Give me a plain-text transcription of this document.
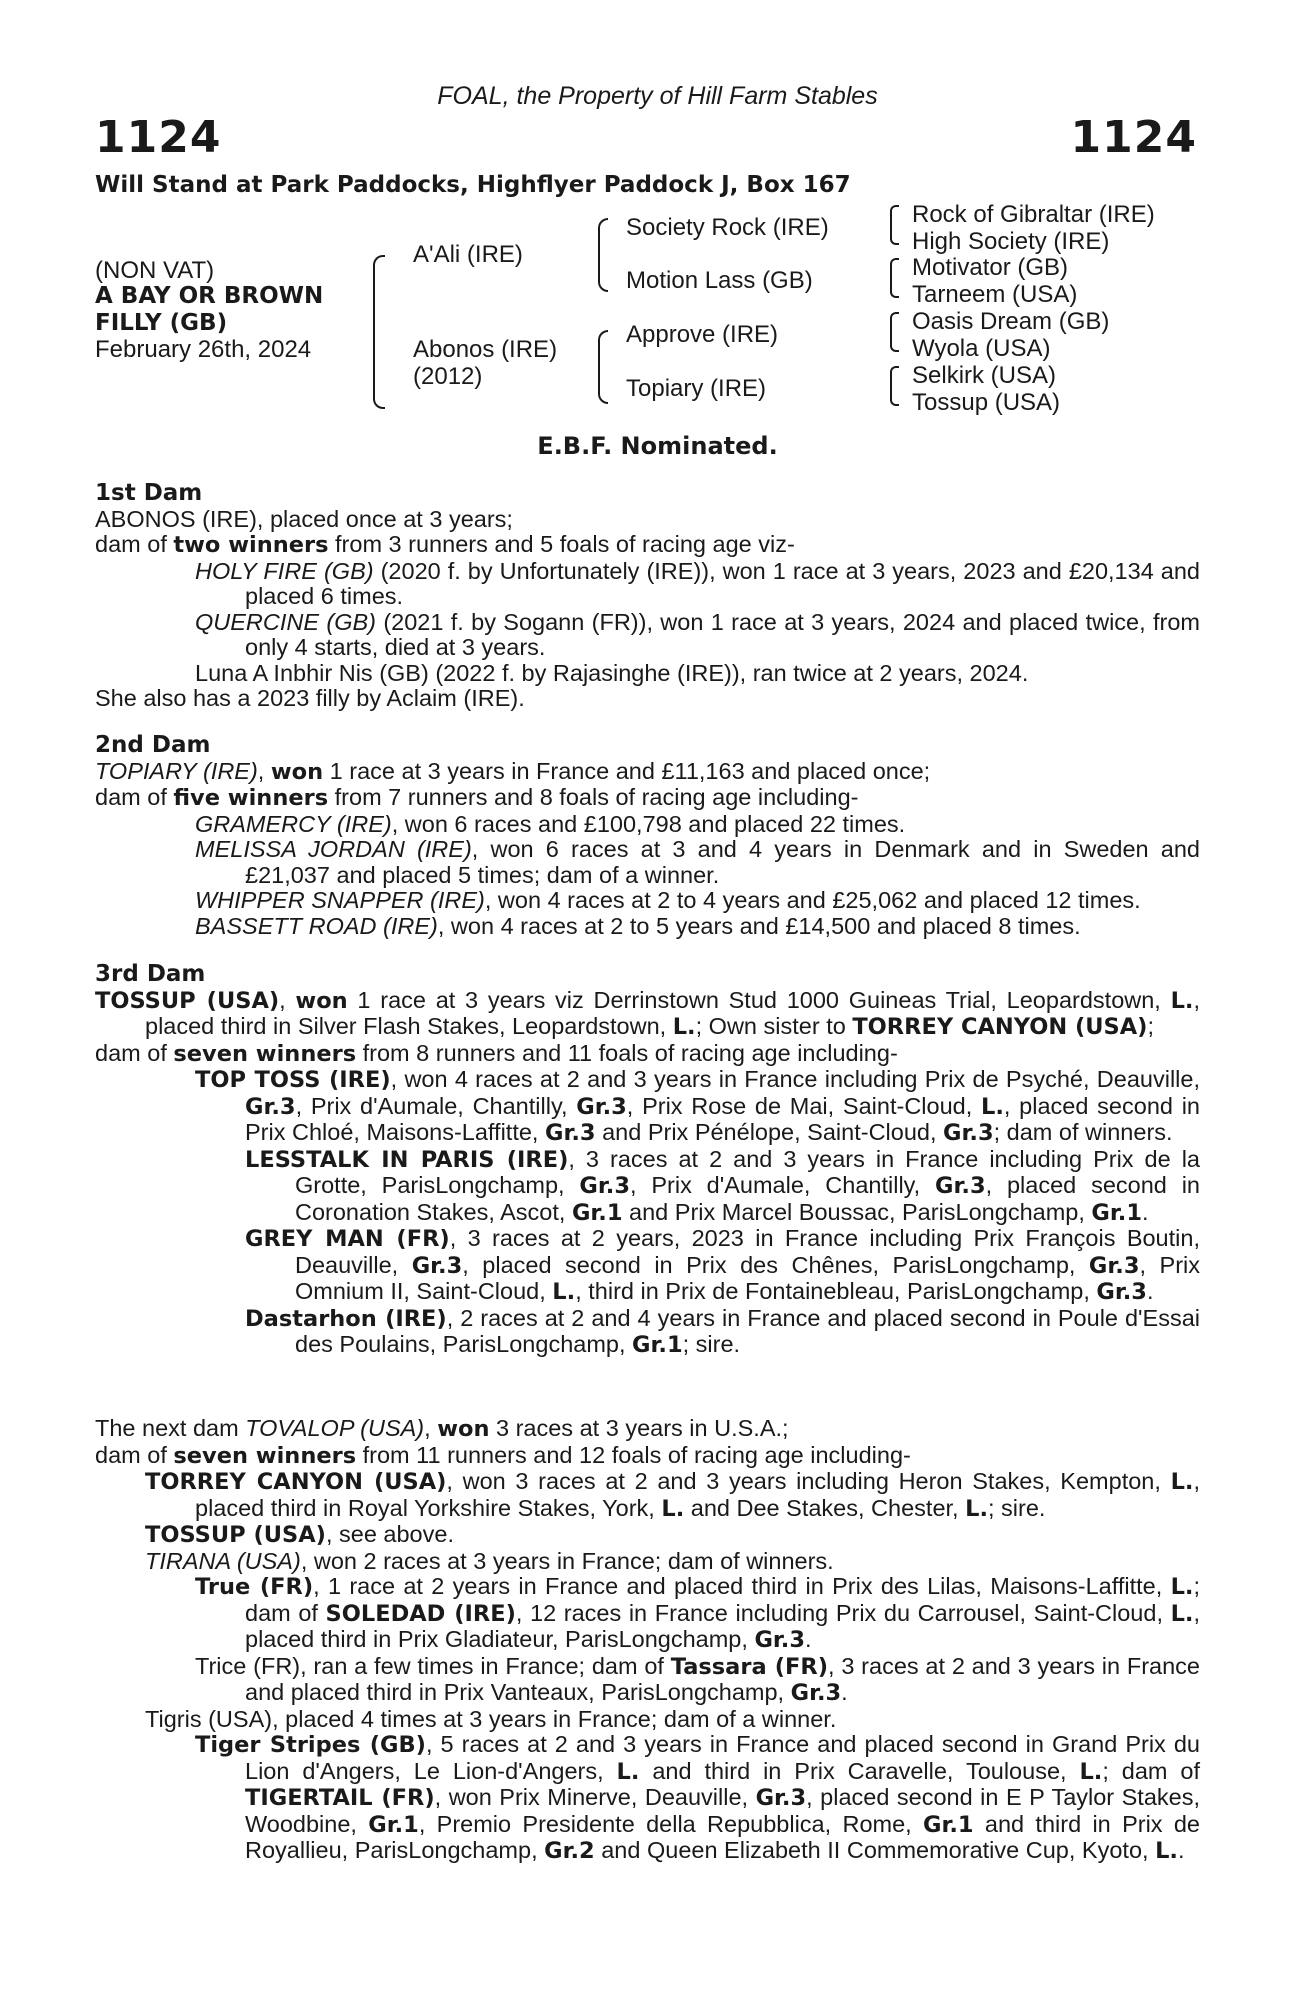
FOAL, the Property of Hill Farm Stables
1124	1124
Will Stand at Park Paddocks, Highflyer Paddock J, Box 167
(NON VAT)
A BAY OR BROWN
FILLY (GB)
February 26th, 2024
A'Ali (IRE)
Abonos (IRE)
(2012)
Society Rock (IRE)
Motion Lass (GB)
Approve (IRE)
Topiary (IRE)
Rock of Gibraltar (IRE)
High Society (IRE)
Motivator (GB)
Tarneem (USA)
Oasis Dream (GB)
Wyola (USA)
Selkirk (USA)
Tossup (USA)
E.B.F. Nominated.
1st Dam

ABONOS (IRE), placed once at 3 years;

dam of two winners from 3 runners and 5 foals of racing age viz-

HOLY FIRE (GB) (2020 f. by Unfortunately (IRE)), won 1 race at 3 years, 2023 and £20,134 and placed 6 times.

QUERCINE (GB) (2021 f. by Sogann (FR)), won 1 race at 3 years, 2024 and placed twice, from only 4 starts, died at 3 years.

Luna A Inbhir Nis (GB) (2022 f. by Rajasinghe (IRE)), ran twice at 2 years, 2024.

She also has a 2023 filly by Aclaim (IRE).

2nd Dam

TOPIARY (IRE), won 1 race at 3 years in France and £11,163 and placed once;

dam of five winners from 7 runners and 8 foals of racing age including-

GRAMERCY (IRE), won 6 races and £100,798 and placed 22 times.

MELISSA JORDAN (IRE), won 6 races at 3 and 4 years in Denmark and in Sweden and £21,037 and placed 5 times; dam of a winner.

WHIPPER SNAPPER (IRE), won 4 races at 2 to 4 years and £25,062 and placed 12 times.

BASSETT ROAD (IRE), won 4 races at 2 to 5 years and £14,500 and placed 8 times.

3rd Dam

TOSSUP (USA), won 1 race at 3 years viz Derrinstown Stud 1000 Guineas Trial, Leopardstown, L., placed third in Silver Flash Stakes, Leopardstown, L.; Own sister to TORREY CANYON (USA);

dam of seven winners from 8 runners and 11 foals of racing age including-

TOP TOSS (IRE), won 4 races at 2 and 3 years in France including Prix de Psyché, Deauville, Gr.3, Prix d'Aumale, Chantilly, Gr.3, Prix Rose de Mai, Saint-Cloud, L., placed second in Prix Chloé, Maisons-Laffitte, Gr.3 and Prix Pénélope, Saint-Cloud, Gr.3; dam of winners.

LESSTALK IN PARIS (IRE), 3 races at 2 and 3 years in France including Prix de la Grotte, ParisLongchamp, Gr.3, Prix d'Aumale, Chantilly, Gr.3, placed second in Coronation Stakes, Ascot, Gr.1 and Prix Marcel Boussac, ParisLongchamp, Gr.1.

GREY MAN (FR), 3 races at 2 years, 2023 in France including Prix François Boutin, Deauville, Gr.3, placed second in Prix des Chênes, ParisLongchamp, Gr.3, Prix Omnium II, Saint-Cloud, L., third in Prix de Fontainebleau, ParisLongchamp, Gr.3.

Dastarhon (IRE), 2 races at 2 and 4 years in France and placed second in Poule d'Essai des Poulains, ParisLongchamp, Gr.1; sire.

The next dam TOVALOP (USA), won 3 races at 3 years in U.S.A.;

dam of seven winners from 11 runners and 12 foals of racing age including-

TORREY CANYON (USA), won 3 races at 2 and 3 years including Heron Stakes, Kempton, L., placed third in Royal Yorkshire Stakes, York, L. and Dee Stakes, Chester, L.; sire.

TOSSUP (USA), see above.

TIRANA (USA), won 2 races at 3 years in France; dam of winners.

True (FR), 1 race at 2 years in France and placed third in Prix des Lilas, Maisons-Laffitte, L.; dam of SOLEDAD (IRE), 12 races in France including Prix du Carrousel, Saint-Cloud, L., placed third in Prix Gladiateur, ParisLongchamp, Gr.3.

Trice (FR), ran a few times in France; dam of Tassara (FR), 3 races at 2 and 3 years in France and placed third in Prix Vanteaux, ParisLongchamp, Gr.3.

Tigris (USA), placed 4 times at 3 years in France; dam of a winner.

Tiger Stripes (GB), 5 races at 2 and 3 years in France and placed second in Grand Prix du Lion d'Angers, Le Lion-d'Angers, L. and third in Prix Caravelle, Toulouse, L.; dam of TIGERTAIL (FR), won Prix Minerve, Deauville, Gr.3, placed second in E P Taylor Stakes, Woodbine, Gr.1, Premio Presidente della Repubblica, Rome, Gr.1 and third in Prix de Royallieu, ParisLongchamp, Gr.2 and Queen Elizabeth II Commemorative Cup, Kyoto, L..
